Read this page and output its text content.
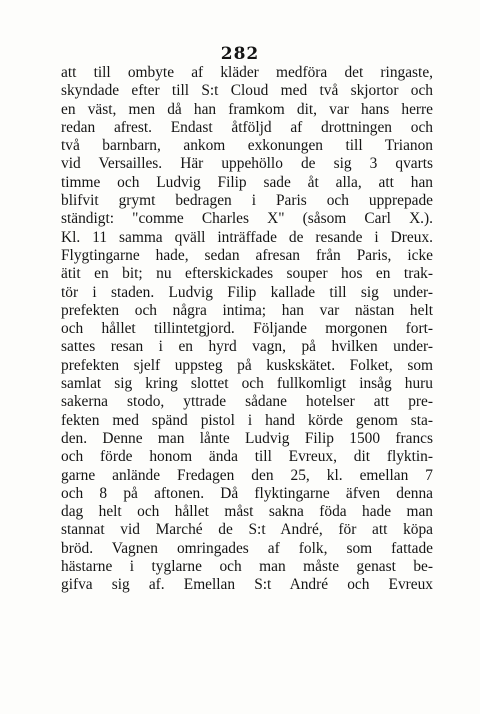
282
att till ombyte af kläder medföra det ringaste,
skyndade efter till S:t Cloud med två skjortor och
en väst, men då han framkom dit, var hans herre
redan afrest. Endast åtföljd af drottningen och
två barnbarn, ankom exkonungen till Trianon
vid Versailles. Här uppehöllo de sig 3 qvarts
timme och Ludvig Filip sade åt alla, att han
blifvit grymt bedragen i Paris och upprepade
ständigt: "comme Charles X" (såsom Carl X.).
Kl. 11 samma qväll inträffade de resande i Dreux.
Flygtingarne hade, sedan afresan från Paris, icke
ätit en bit; nu efterskickades souper hos en trak-
tör i staden. Ludvig Filip kallade till sig under-
prefekten och några intima; han var nästan helt
och hållet tillintetgjord. Följande morgonen fort-
sattes resan i en hyrd vagn, på hvilken under-
prefekten sjelf uppsteg på kuskskätet. Folket, som
samlat sig kring slottet och fullkomligt insåg huru
sakerna stodo, yttrade sådane hotelser att pre-
fekten med spänd pistol i hand körde genom sta-
den. Denne man lånte Ludvig Filip 1500 francs
och förde honom ända till Evreux, dit flyktin-
garne anlände Fredagen den 25, kl. emellan 7
och 8 på aftonen. Då flyktingarne äfven denna
dag helt och hållet måst sakna föda hade man
stannat vid Marché de S:t André, för att köpa
bröd. Vagnen omringades af folk, som fattade
hästarne i tyglarne och man måste genast be-
gifva sig af. Emellan S:t André och Evreux
